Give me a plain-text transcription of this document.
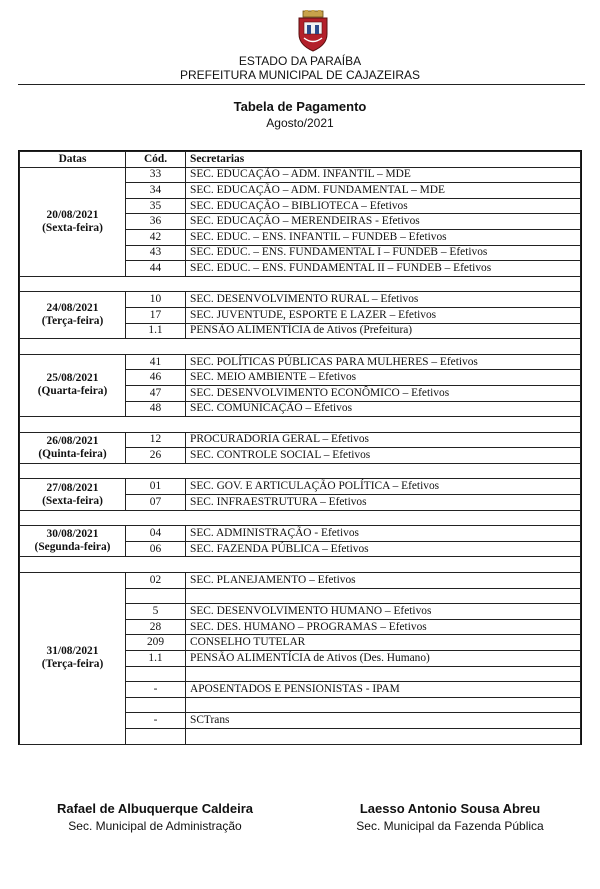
ESTADO DA PARAÍBA
PREFEITURA MUNICIPAL DE CAJAZEIRAS
Tabela de Pagamento
Agosto/2021
Datas	Cód.	Secretarias

20/08/2021
(Sexta-feira)	33	SEC. EDUCAÇÃO – ADM. INFANTIL – MDE
	34	SEC. EDUCAÇÃO – ADM. FUNDAMENTAL – MDE
	35	SEC. EDUCAÇÃO – BIBLIOTECA – Efetivos
	36	SEC. EDUCAÇÃO – MERENDEIRAS - Efetivos
	42	SEC. EDUC. – ENS. INFANTIL – FUNDEB – Efetivos
	43	SEC. EDUC. – ENS. FUNDAMENTAL I – FUNDEB – Efetivos
	44	SEC. EDUC. – ENS. FUNDAMENTAL II – FUNDEB – Efetivos

24/08/2021
(Terça-feira)	10	SEC. DESENVOLVIMENTO RURAL – Efetivos
	17	SEC. JUVENTUDE, ESPORTE E LAZER – Efetivos
	1.1	PENSÃO ALIMENTÍCIA de Ativos (Prefeitura)

25/08/2021
(Quarta-feira)	41	SEC. POLÍTICAS PÚBLICAS PARA MULHERES – Efetivos
	46	SEC. MEIO AMBIENTE – Efetivos
	47	SEC. DESENVOLVIMENTO ECONÔMICO – Efetivos
	48	SEC. COMUNICAÇÃO – Efetivos

26/08/2021
(Quinta-feira)	12	PROCURADORIA GERAL – Efetivos
	26	SEC. CONTROLE SOCIAL – Efetivos

27/08/2021
(Sexta-feira)	01	SEC. GOV. E ARTICULAÇÃO POLÍTICA – Efetivos
	07	SEC. INFRAESTRUTURA – Efetivos

30/08/2021
(Segunda-feira)	04	SEC. ADMINISTRAÇÃO - Efetivos
	06	SEC. FAZENDA PÚBLICA – Efetivos

31/08/2021
(Terça-feira)	02	SEC. PLANEJAMENTO – Efetivos

	5	SEC. DESENVOLVIMENTO HUMANO – Efetivos
	28	SEC. DES. HUMANO – PROGRAMAS – Efetivos
	209	CONSELHO TUTELAR
	1.1	PENSÃO ALIMENTÍCIA de Ativos (Des. Humano)

	-	APOSENTADOS E PENSIONISTAS - IPAM

	-	SCTrans

Rafael de Albuquerque Caldeira
Sec. Municipal de Administração
Laesso Antonio Sousa Abreu
Sec. Municipal da Fazenda Pública
